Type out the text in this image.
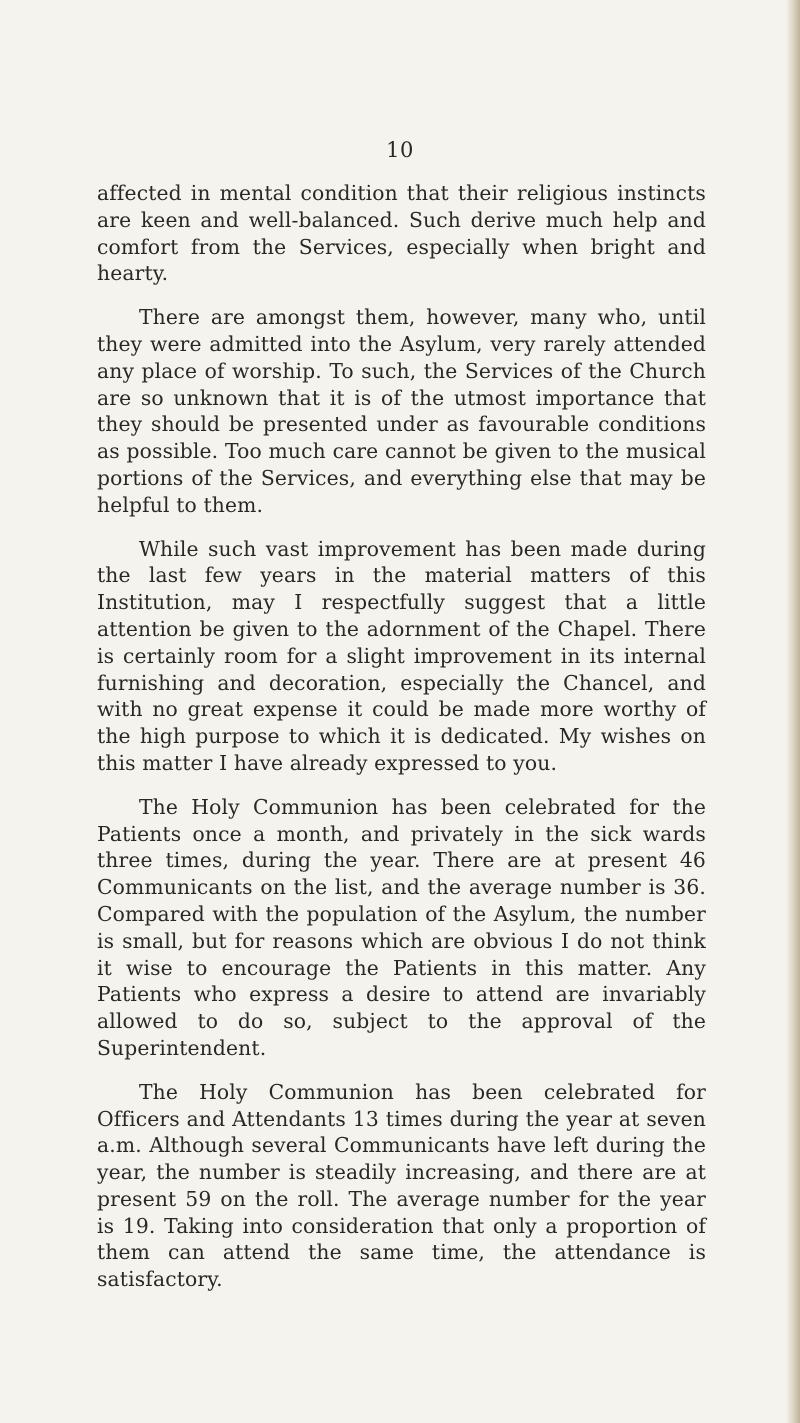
10

affected in mental condition that their religious instincts are keen and well-balanced. Such derive much help and comfort from the Services, especially when bright and hearty.

There are amongst them, however, many who, until they were admitted into the Asylum, very rarely attended any place of worship. To such, the Services of the Church are so unknown that it is of the utmost importance that they should be presented under as favourable conditions as possible. Too much care cannot be given to the musical portions of the Services, and everything else that may be helpful to them.

While such vast improvement has been made during the last few years in the material matters of this Institution, may I respectfully suggest that a little attention be given to the adornment of the Chapel. There is certainly room for a slight improvement in its internal furnishing and decoration, especially the Chancel, and with no great expense it could be made more worthy of the high purpose to which it is dedicated. My wishes on this matter I have already expressed to you.

The Holy Communion has been celebrated for the Patients once a month, and privately in the sick wards three times, during the year. There are at present 46 Communicants on the list, and the average number is 36. Compared with the population of the Asylum, the number is small, but for reasons which are obvious I do not think it wise to encourage the Patients in this matter. Any Patients who express a desire to attend are invariably allowed to do so, subject to the approval of the Superintendent.

The Holy Communion has been celebrated for Officers and Attendants 13 times during the year at seven a.m. Although several Communicants have left during the year, the number is steadily increasing, and there are at present 59 on the roll. The average number for the year is 19. Taking into consideration that only a proportion of them can attend the same time, the attendance is satisfactory.
